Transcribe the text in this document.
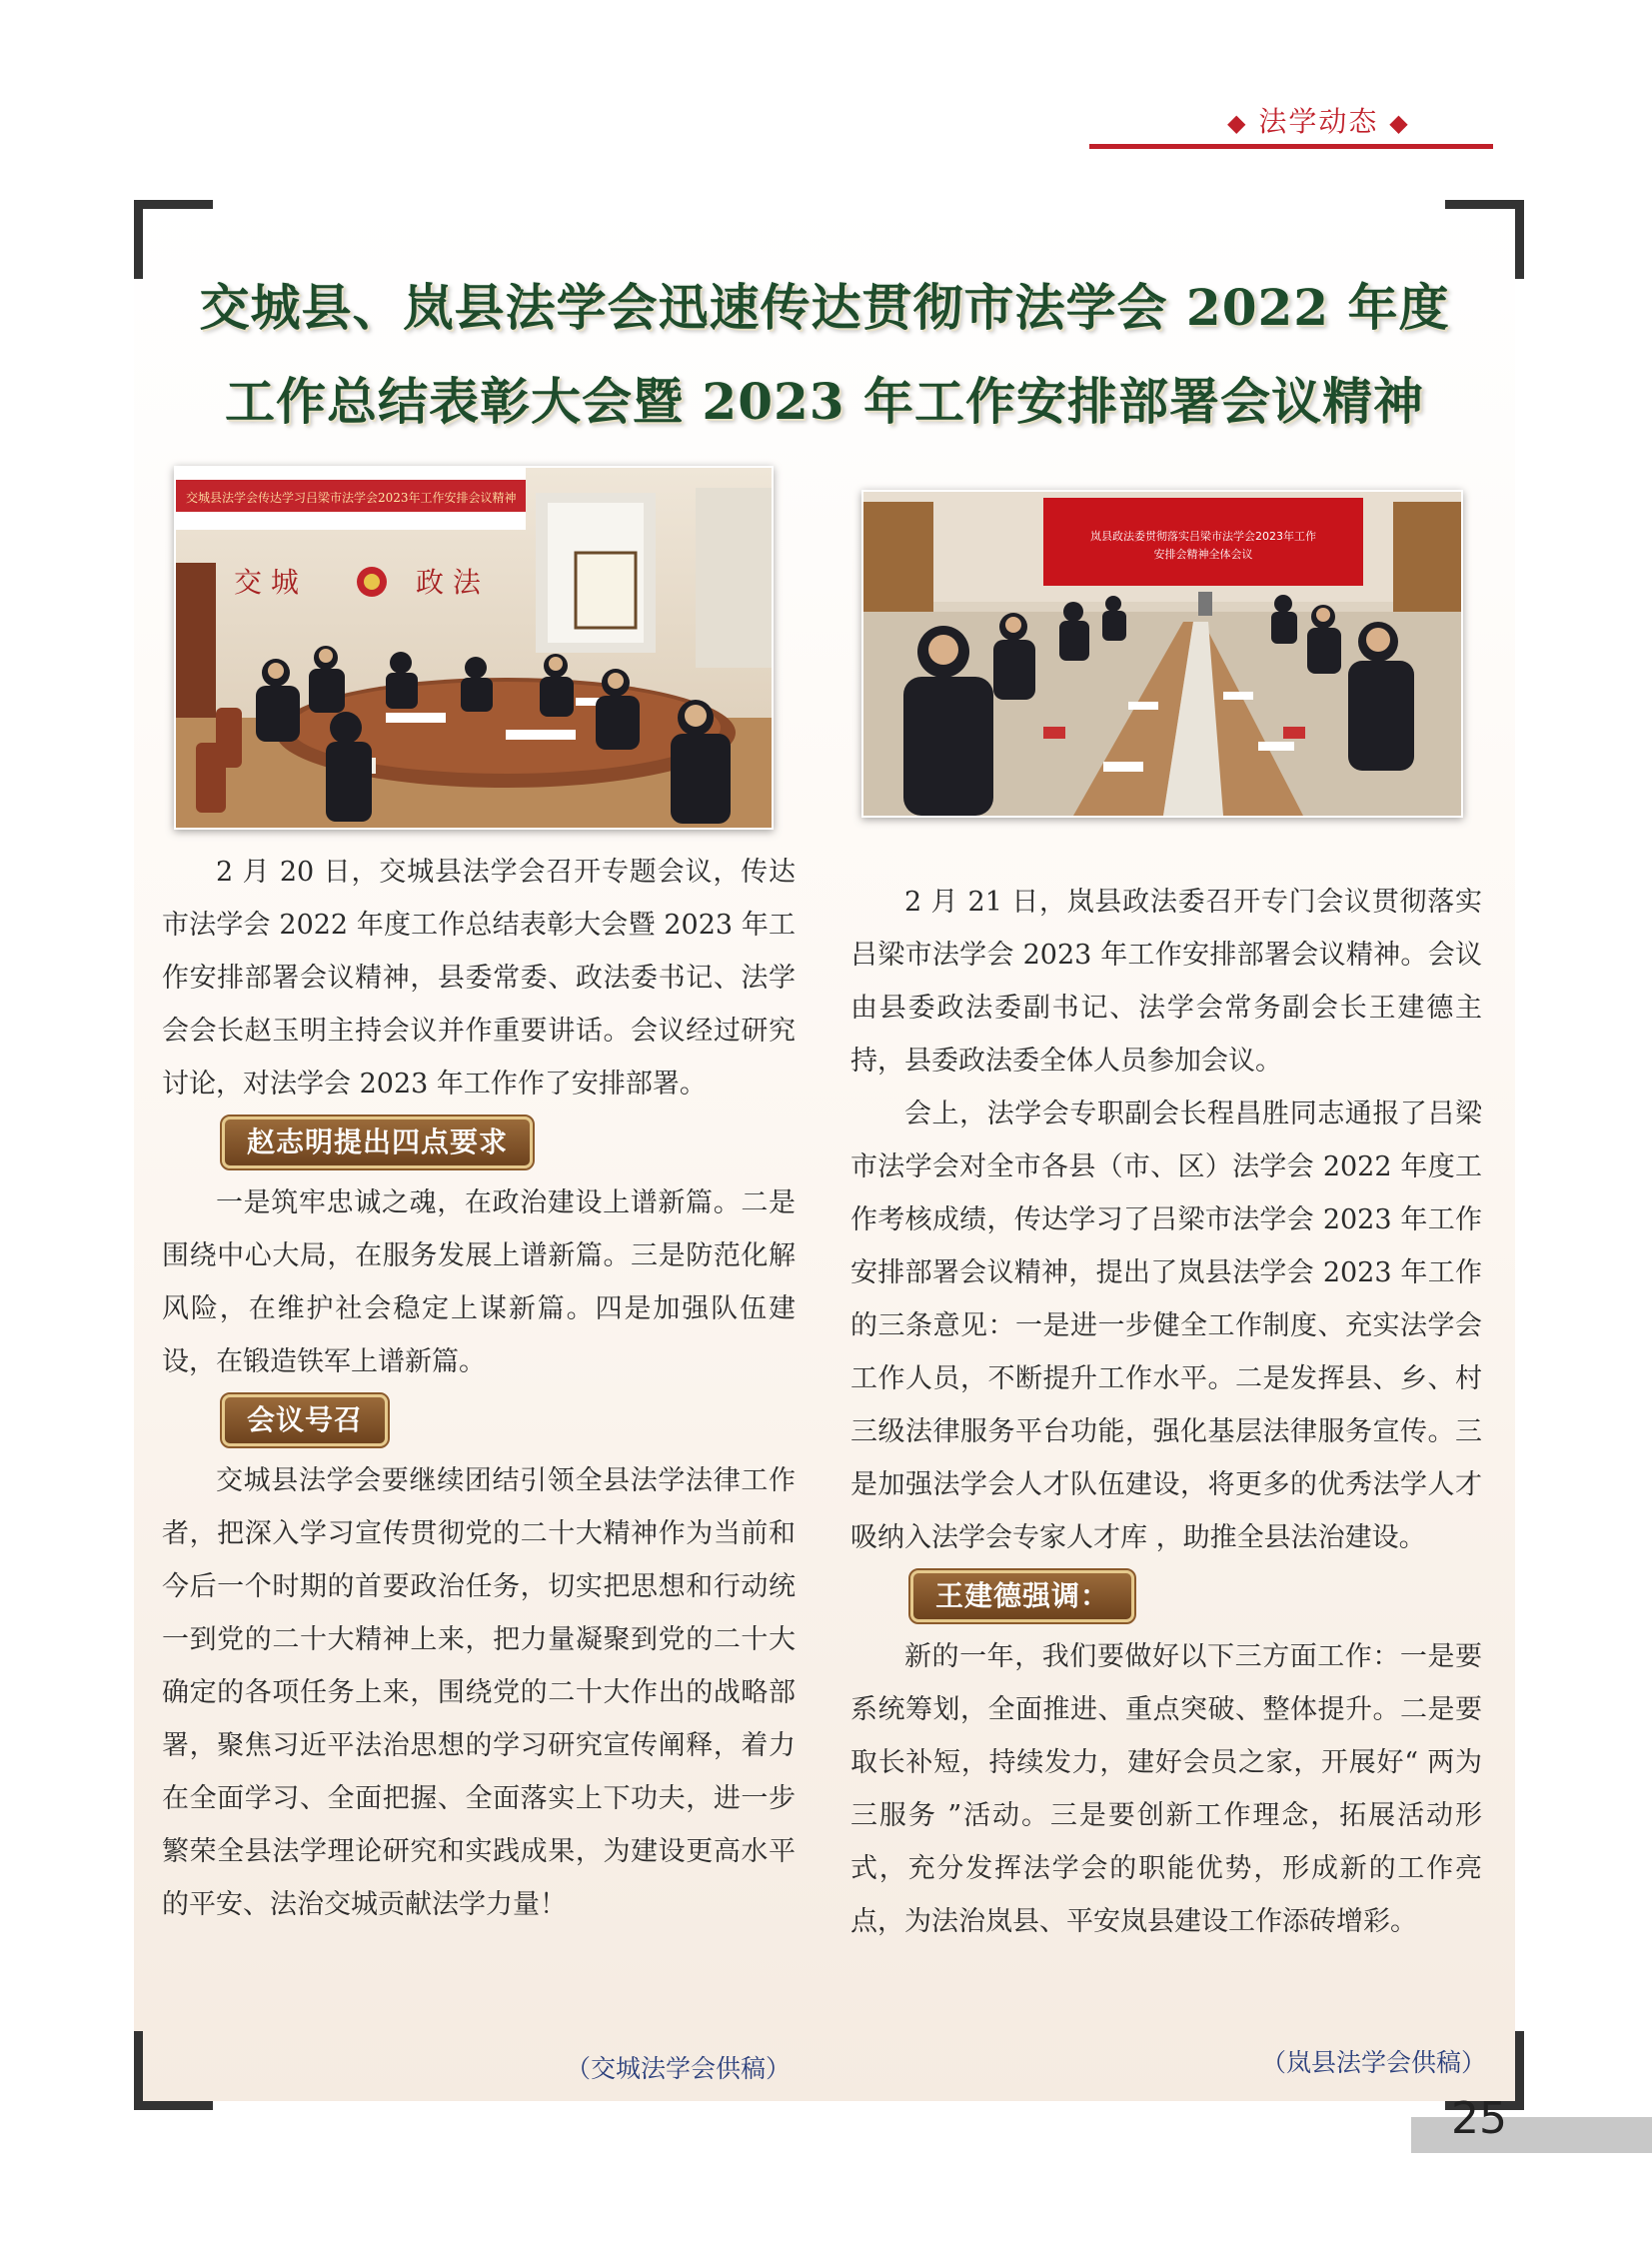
◆ 法学动态 ◆
交城县、岚县法学会迅速传达贯彻市法学会 2022 年度
工作总结表彰大会暨 2023 年工作安排部署会议精神
交城县法学会传达学习吕梁市法学会2023年工作安排会议精神
交 城	政 法
岚县政法委贯彻落实吕梁市法学会2023年工作
安排会精神全体会议

2 月 20 日，交城县法学会召开专题会议，传达市法学会 2022 年度工作总结表彰大会暨 2023 年工作安排部署会议精神，县委常委、政法委书记、法学会会长赵玉明主持会议并作重要讲话。会议经过研究讨论，对法学会 2023 年工作作了安排部署。

赵志明提出四点要求

一是筑牢忠诚之魂，在政治建设上谱新篇。二是围绕中心大局，在服务发展上谱新篇。三是防范化解风险，在维护社会稳定上谋新篇。四是加强队伍建设，在锻造铁军上谱新篇。

会议号召

交城县法学会要继续团结引领全县法学法律工作者，把深入学习宣传贯彻党的二十大精神作为当前和今后一个时期的首要政治任务，切实把思想和行动统一到党的二十大精神上来，把力量凝聚到党的二十大确定的各项任务上来，围绕党的二十大作出的战略部署，聚焦习近平法治思想的学习研究宣传阐释，着力在全面学习、全面把握、全面落实上下功夫，进一步繁荣全县法学理论研究和实践成果，为建设更高水平的平安、法治交城贡献法学力量！

（交城法学会供稿）

2 月 21 日，岚县政法委召开专门会议贯彻落实吕梁市法学会 2023 年工作安排部署会议精神。会议由县委政法委副书记、法学会常务副会长王建德主持，县委政法委全体人员参加会议。

会上，法学会专职副会长程昌胜同志通报了吕梁市法学会对全市各县（市、区）法学会 2022 年度工作考核成绩，传达学习了吕梁市法学会 2023 年工作安排部署会议精神，提出了岚县法学会 2023 年工作的三条意见：一是进一步健全工作制度、充实法学会工作人员，不断提升工作水平。二是发挥县、乡、村三级法律服务平台功能，强化基层法律服务宣传。三是加强法学会人才队伍建设，将更多的优秀法学人才吸纳入法学会专家人才库 ，助推全县法治建设。

王建德强调：

新的一年，我们要做好以下三方面工作：一是要系统筹划，全面推进、重点突破、整体提升。二是要取长补短，持续发力，建好会员之家，开展好“ 两为三服务 ”活动。三是要创新工作理念，拓展活动形式，充分发挥法学会的职能优势，形成新的工作亮点，为法治岚县、平安岚县建设工作添砖增彩。

（岚县法学会供稿）
25
